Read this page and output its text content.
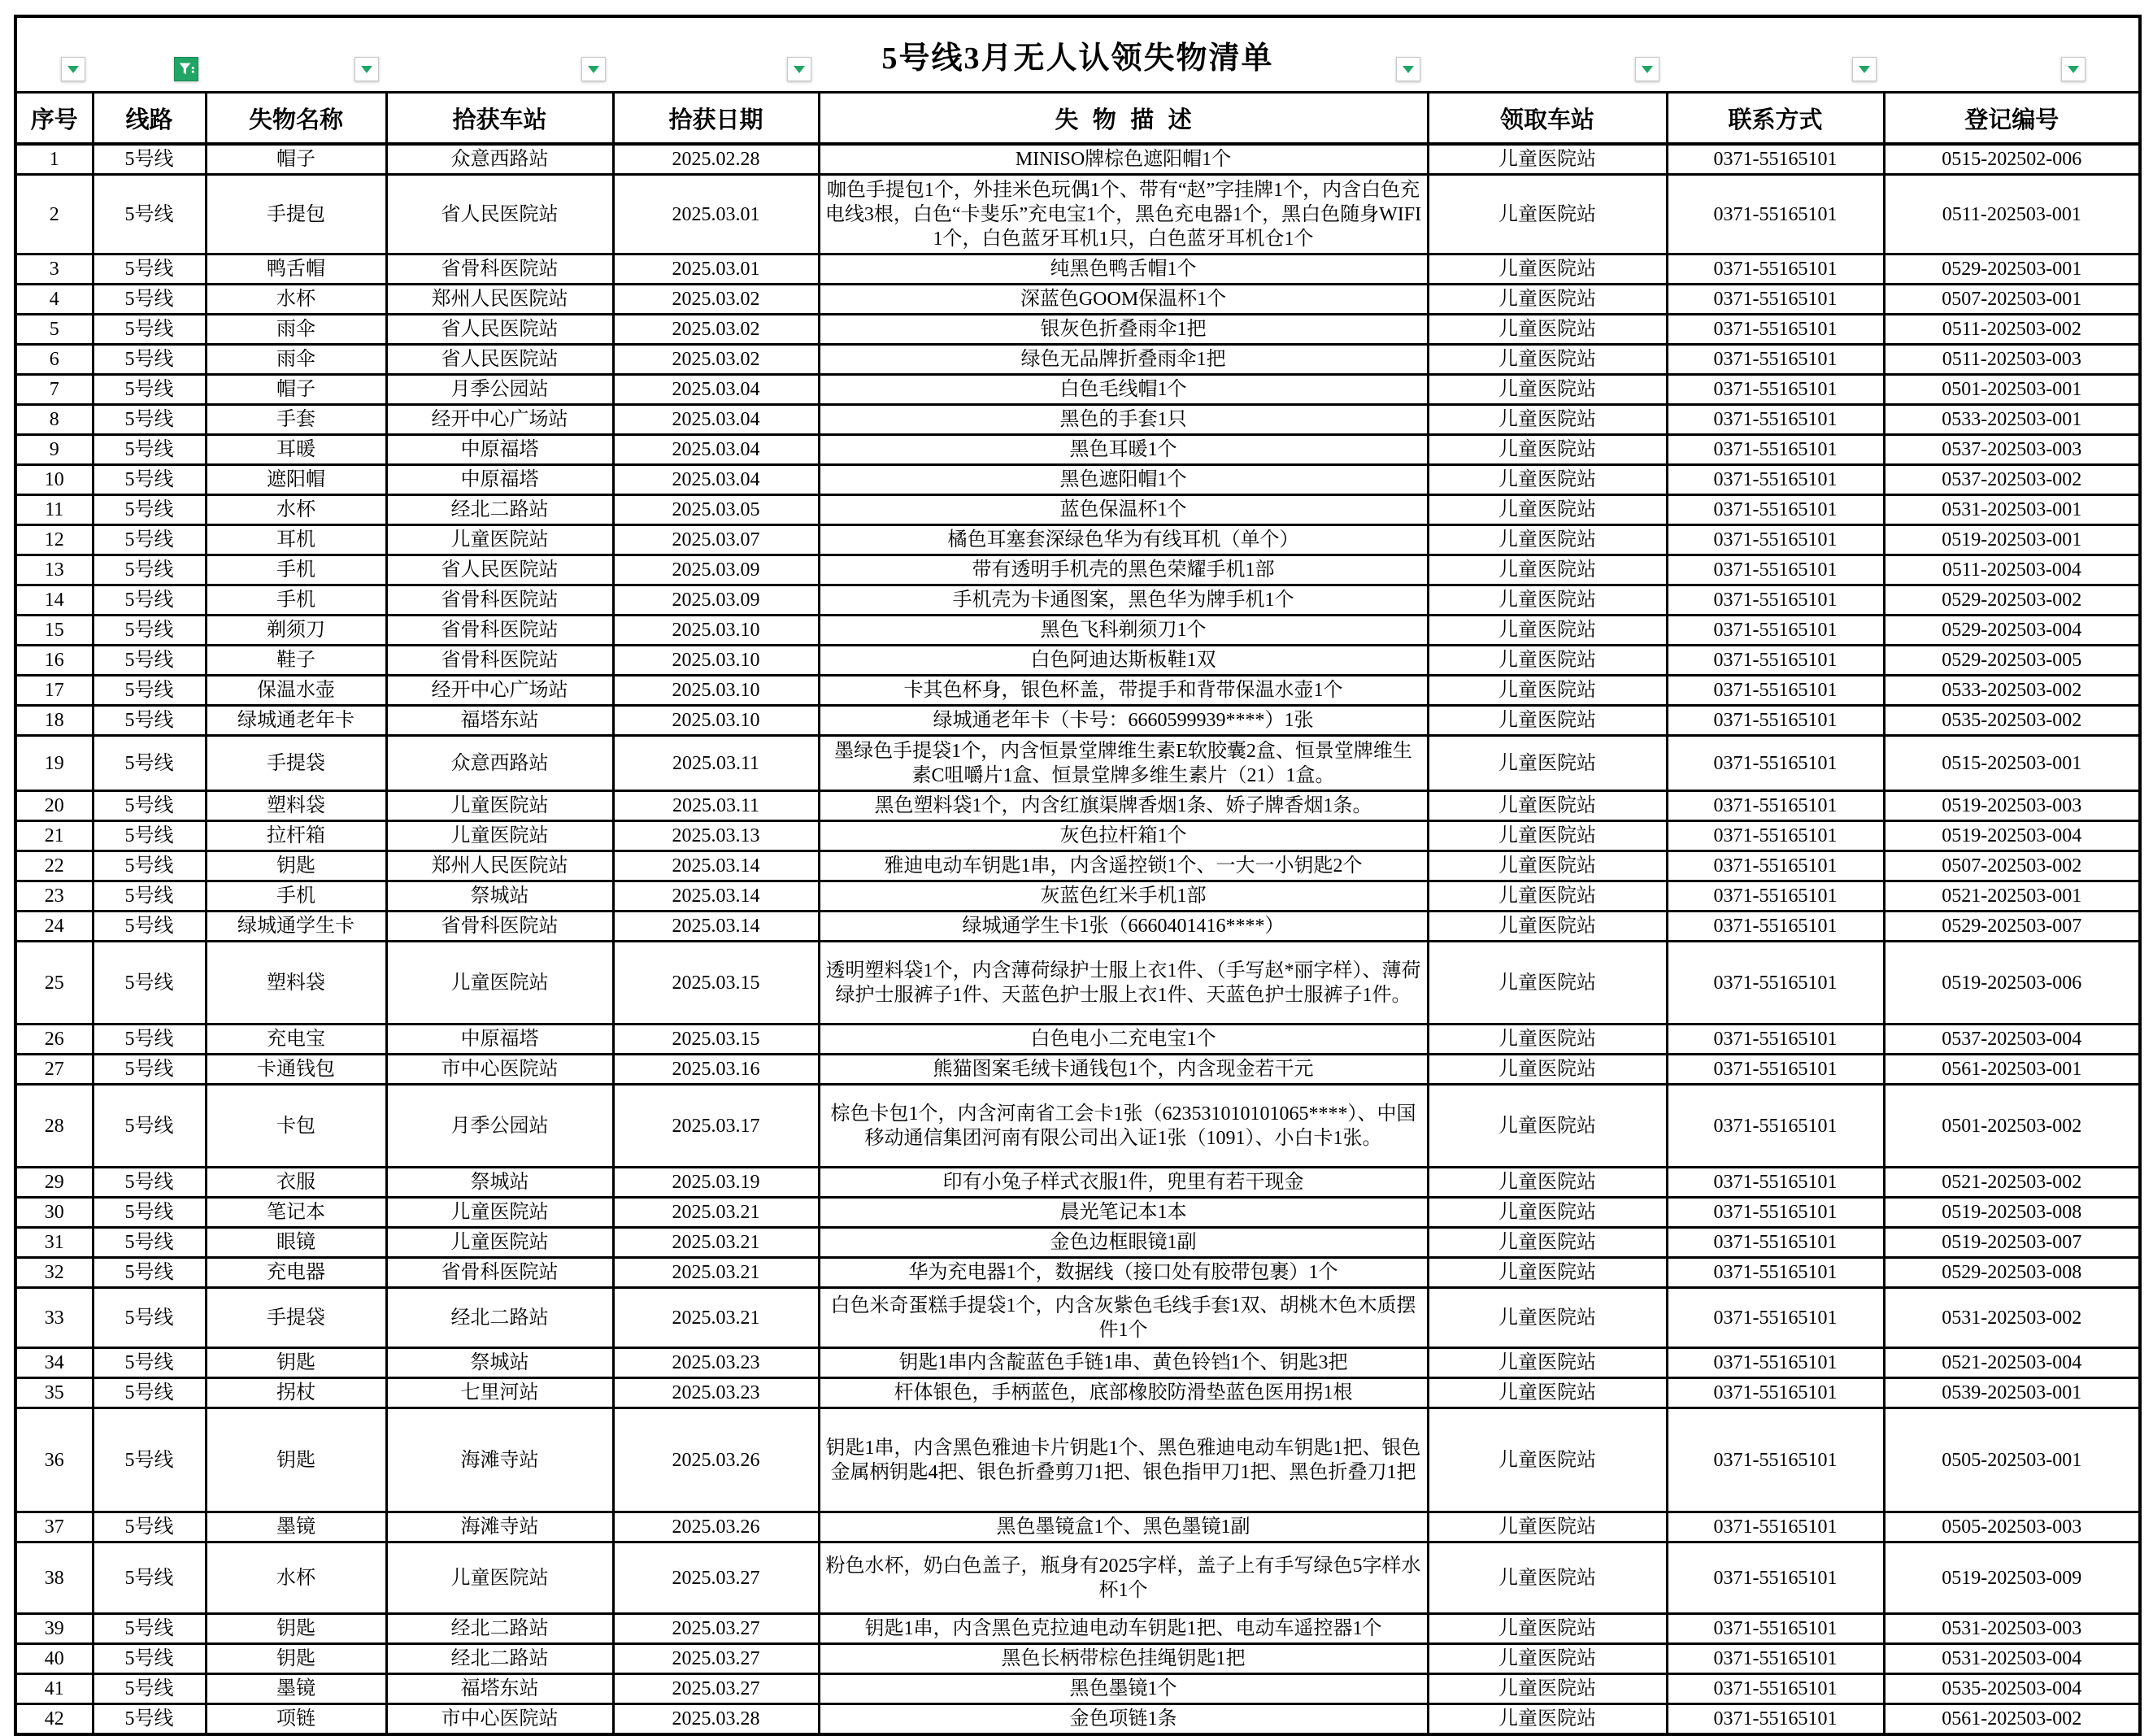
5号线3月无人认领失物清单								
序号	线路	失物名称	拾获车站	拾获日期	失物描述	领取车站	联系方式	登记编号
1	5号线	帽子	众意西路站	2025.02.28	MINISO牌棕色遮阳帽1个	儿童医院站	0371-55165101	0515-202502-006
2	5号线	手提包	省人民医院站	2025.03.01	咖色手提包1个，外挂米色玩偶1个、带有“赵”字挂牌1个，内含白色充电线3根，白色“卡斐乐”充电宝1个，黑色充电器1个，黑白色随身WIFI1个，白色蓝牙耳机1只，白色蓝牙耳机仓1个	儿童医院站	0371-55165101	0511-202503-001
3	5号线	鸭舌帽	省骨科医院站	2025.03.01	纯黑色鸭舌帽1个	儿童医院站	0371-55165101	0529-202503-001
4	5号线	水杯	郑州人民医院站	2025.03.02	深蓝色GOOM保温杯1个	儿童医院站	0371-55165101	0507-202503-001
5	5号线	雨伞	省人民医院站	2025.03.02	银灰色折叠雨伞1把	儿童医院站	0371-55165101	0511-202503-002
6	5号线	雨伞	省人民医院站	2025.03.02	绿色无品牌折叠雨伞1把	儿童医院站	0371-55165101	0511-202503-003
7	5号线	帽子	月季公园站	2025.03.04	白色毛线帽1个	儿童医院站	0371-55165101	0501-202503-001
8	5号线	手套	经开中心广场站	2025.03.04	黑色的手套1只	儿童医院站	0371-55165101	0533-202503-001
9	5号线	耳暖	中原福塔	2025.03.04	黑色耳暖1个	儿童医院站	0371-55165101	0537-202503-003
10	5号线	遮阳帽	中原福塔	2025.03.04	黑色遮阳帽1个	儿童医院站	0371-55165101	0537-202503-002
11	5号线	水杯	经北二路站	2025.03.05	蓝色保温杯1个	儿童医院站	0371-55165101	0531-202503-001
12	5号线	耳机	儿童医院站	2025.03.07	橘色耳塞套深绿色华为有线耳机（单个）	儿童医院站	0371-55165101	0519-202503-001
13	5号线	手机	省人民医院站	2025.03.09	带有透明手机壳的黑色荣耀手机1部	儿童医院站	0371-55165101	0511-202503-004
14	5号线	手机	省骨科医院站	2025.03.09	手机壳为卡通图案，黑色华为牌手机1个	儿童医院站	0371-55165101	0529-202503-002
15	5号线	剃须刀	省骨科医院站	2025.03.10	黑色飞科剃须刀1个	儿童医院站	0371-55165101	0529-202503-004
16	5号线	鞋子	省骨科医院站	2025.03.10	白色阿迪达斯板鞋1双	儿童医院站	0371-55165101	0529-202503-005
17	5号线	保温水壶	经开中心广场站	2025.03.10	卡其色杯身，银色杯盖，带提手和背带保温水壶1个	儿童医院站	0371-55165101	0533-202503-002
18	5号线	绿城通老年卡	福塔东站	2025.03.10	绿城通老年卡（卡号：6660599939****）1张	儿童医院站	0371-55165101	0535-202503-002
19	5号线	手提袋	众意西路站	2025.03.11	墨绿色手提袋1个，内含恒景堂牌维生素E软胶囊2盒、恒景堂牌维生素C咀嚼片1盒、恒景堂牌多维生素片（21）1盒。	儿童医院站	0371-55165101	0515-202503-001
20	5号线	塑料袋	儿童医院站	2025.03.11	黑色塑料袋1个，内含红旗渠牌香烟1条、娇子牌香烟1条。	儿童医院站	0371-55165101	0519-202503-003
21	5号线	拉杆箱	儿童医院站	2025.03.13	灰色拉杆箱1个	儿童医院站	0371-55165101	0519-202503-004
22	5号线	钥匙	郑州人民医院站	2025.03.14	雅迪电动车钥匙1串，内含遥控锁1个、一大一小钥匙2个	儿童医院站	0371-55165101	0507-202503-002
23	5号线	手机	祭城站	2025.03.14	灰蓝色红米手机1部	儿童医院站	0371-55165101	0521-202503-001
24	5号线	绿城通学生卡	省骨科医院站	2025.03.14	绿城通学生卡1张（6660401416****）	儿童医院站	0371-55165101	0529-202503-007
25	5号线	塑料袋	儿童医院站	2025.03.15	透明塑料袋1个，内含薄荷绿护士服上衣1件、（手写赵*丽字样）、薄荷绿护士服裤子1件、天蓝色护士服上衣1件、天蓝色护士服裤子1件。	儿童医院站	0371-55165101	0519-202503-006
26	5号线	充电宝	中原福塔	2025.03.15	白色电小二充电宝1个	儿童医院站	0371-55165101	0537-202503-004
27	5号线	卡通钱包	市中心医院站	2025.03.16	熊猫图案毛绒卡通钱包1个，内含现金若干元	儿童医院站	0371-55165101	0561-202503-001
28	5号线	卡包	月季公园站	2025.03.17	棕色卡包1个，内含河南省工会卡1张（623531010101065****）、中国移动通信集团河南有限公司出入证1张（1091）、小白卡1张。	儿童医院站	0371-55165101	0501-202503-002
29	5号线	衣服	祭城站	2025.03.19	印有小兔子样式衣服1件，兜里有若干现金	儿童医院站	0371-55165101	0521-202503-002
30	5号线	笔记本	儿童医院站	2025.03.21	晨光笔记本1本	儿童医院站	0371-55165101	0519-202503-008
31	5号线	眼镜	儿童医院站	2025.03.21	金色边框眼镜1副	儿童医院站	0371-55165101	0519-202503-007
32	5号线	充电器	省骨科医院站	2025.03.21	华为充电器1个，数据线（接口处有胶带包裹）1个	儿童医院站	0371-55165101	0529-202503-008
33	5号线	手提袋	经北二路站	2025.03.21	白色米奇蛋糕手提袋1个，内含灰紫色毛线手套1双、胡桃木色木质摆件1个	儿童医院站	0371-55165101	0531-202503-002
34	5号线	钥匙	祭城站	2025.03.23	钥匙1串内含靛蓝色手链1串、黄色铃铛1个、钥匙3把	儿童医院站	0371-55165101	0521-202503-004
35	5号线	拐杖	七里河站	2025.03.23	杆体银色，手柄蓝色，底部橡胶防滑垫蓝色医用拐1根	儿童医院站	0371-55165101	0539-202503-001
36	5号线	钥匙	海滩寺站	2025.03.26	钥匙1串，内含黑色雅迪卡片钥匙1个、黑色雅迪电动车钥匙1把、银色金属柄钥匙4把、银色折叠剪刀1把、银色指甲刀1把、黑色折叠刀1把	儿童医院站	0371-55165101	0505-202503-001
37	5号线	墨镜	海滩寺站	2025.03.26	黑色墨镜盒1个、黑色墨镜1副	儿童医院站	0371-55165101	0505-202503-003
38	5号线	水杯	儿童医院站	2025.03.27	粉色水杯，奶白色盖子，瓶身有2025字样，盖子上有手写绿色5字样水杯1个	儿童医院站	0371-55165101	0519-202503-009
39	5号线	钥匙	经北二路站	2025.03.27	钥匙1串，内含黑色克拉迪电动车钥匙1把、电动车遥控器1个	儿童医院站	0371-55165101	0531-202503-003
40	5号线	钥匙	经北二路站	2025.03.27	黑色长柄带棕色挂绳钥匙1把	儿童医院站	0371-55165101	0531-202503-004
41	5号线	墨镜	福塔东站	2025.03.27	黑色墨镜1个	儿童医院站	0371-55165101	0535-202503-004
42	5号线	项链	市中心医院站	2025.03.28	金色项链1条	儿童医院站	0371-55165101	0561-202503-002
